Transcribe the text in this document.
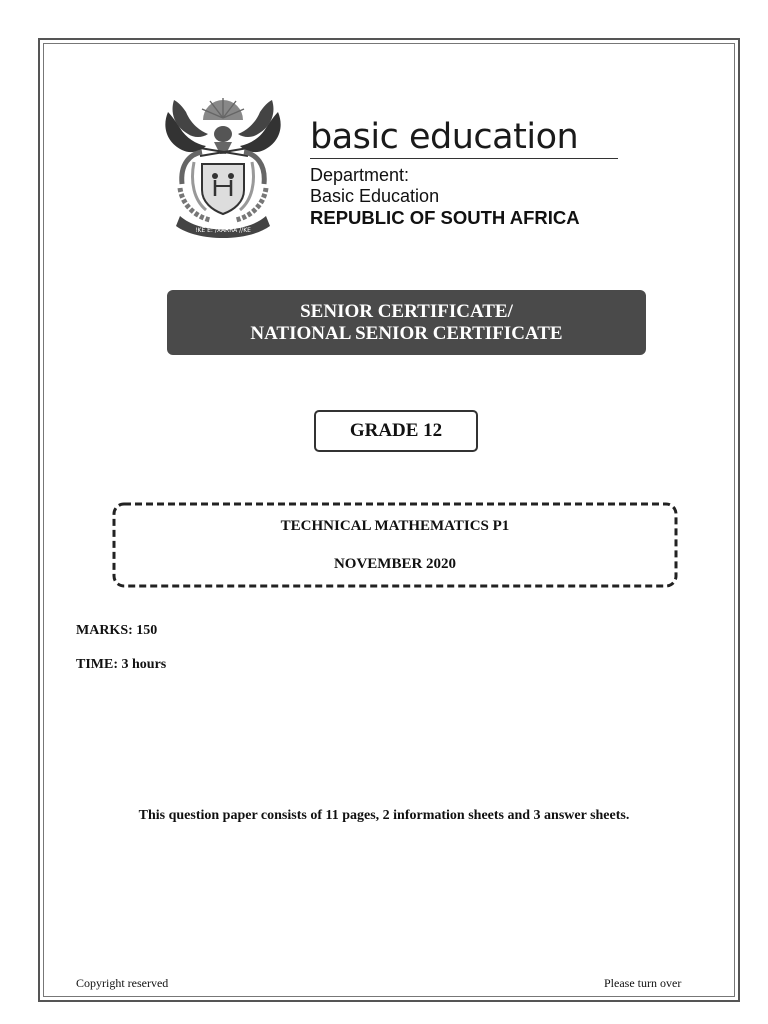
!KE E: /XARRA //KE
basic education
Department:
Basic Education
REPUBLIC OF SOUTH AFRICA
SENIOR CERTIFICATE/
NATIONAL SENIOR CERTIFICATE
GRADE 12
TECHNICAL MATHEMATICS P1
NOVEMBER 2020
MARKS: 150
TIME: 3 hours
This question paper consists of 11 pages, 2 information sheets and 3 answer sheets.
Copyright reserved	Please turn over
